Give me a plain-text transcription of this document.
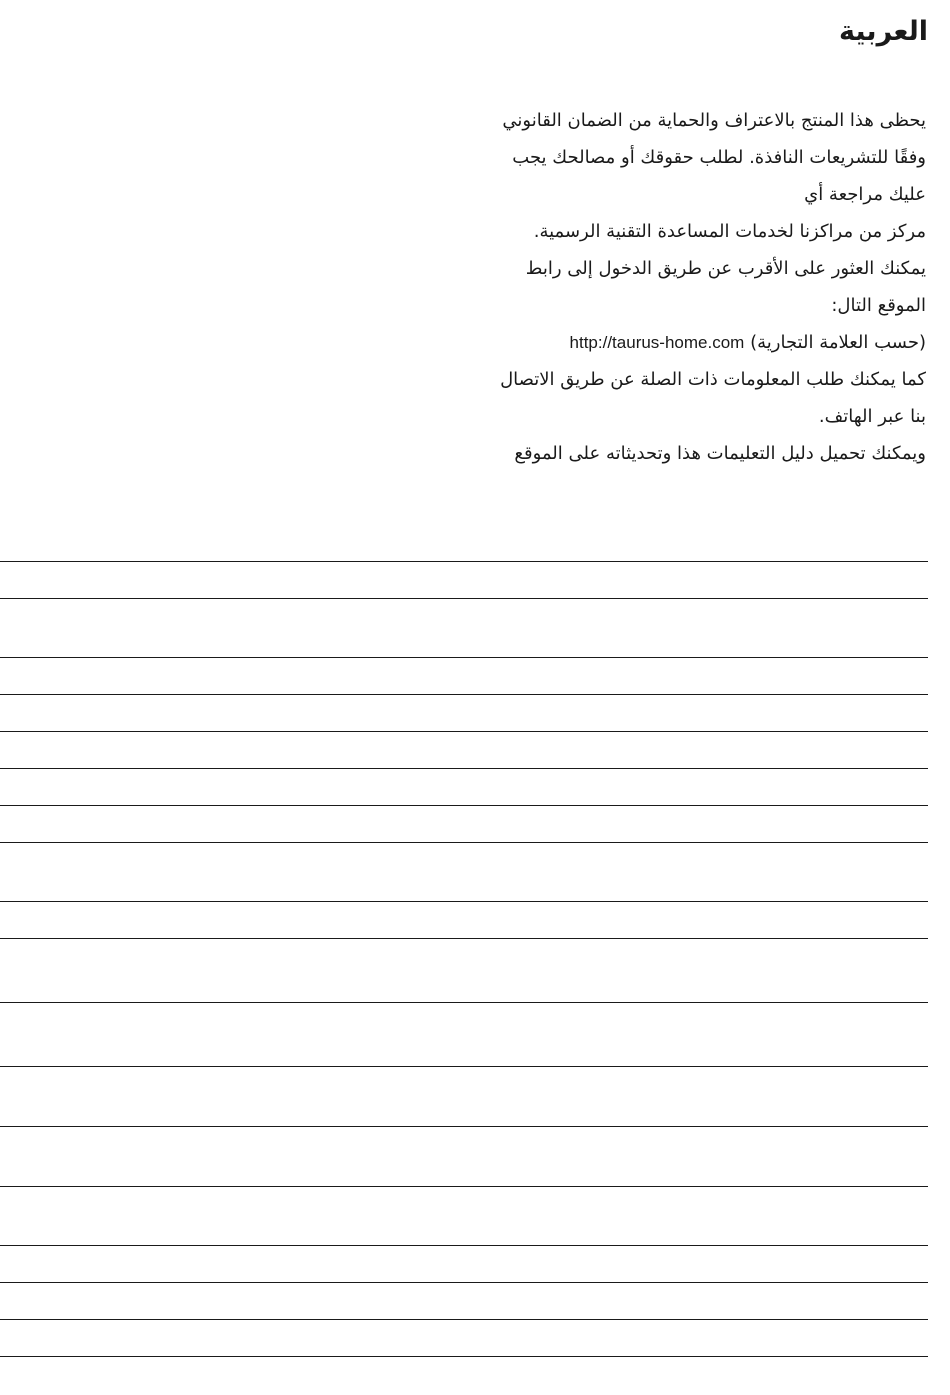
العربية
يحظى هذا المنتج بالاعتراف والحماية من الضمان القانوني
وفقًا للتشريعات النافذة. لطلب حقوقك أو مصالحك يجب
عليك مراجعة أي
مركز من مراكزنا لخدمات المساعدة التقنية الرسمية.
يمكنك العثور على الأقرب عن طريق الدخول إلى رابط
الموقع التال:
(حسب العلامة التجارية) http://taurus-home.com
كما يمكنك طلب المعلومات ذات الصلة عن طريق الاتصال
بنا عبر الهاتف.
ويمكنك تحميل دليل التعليمات هذا وتحديثاته على الموقع
